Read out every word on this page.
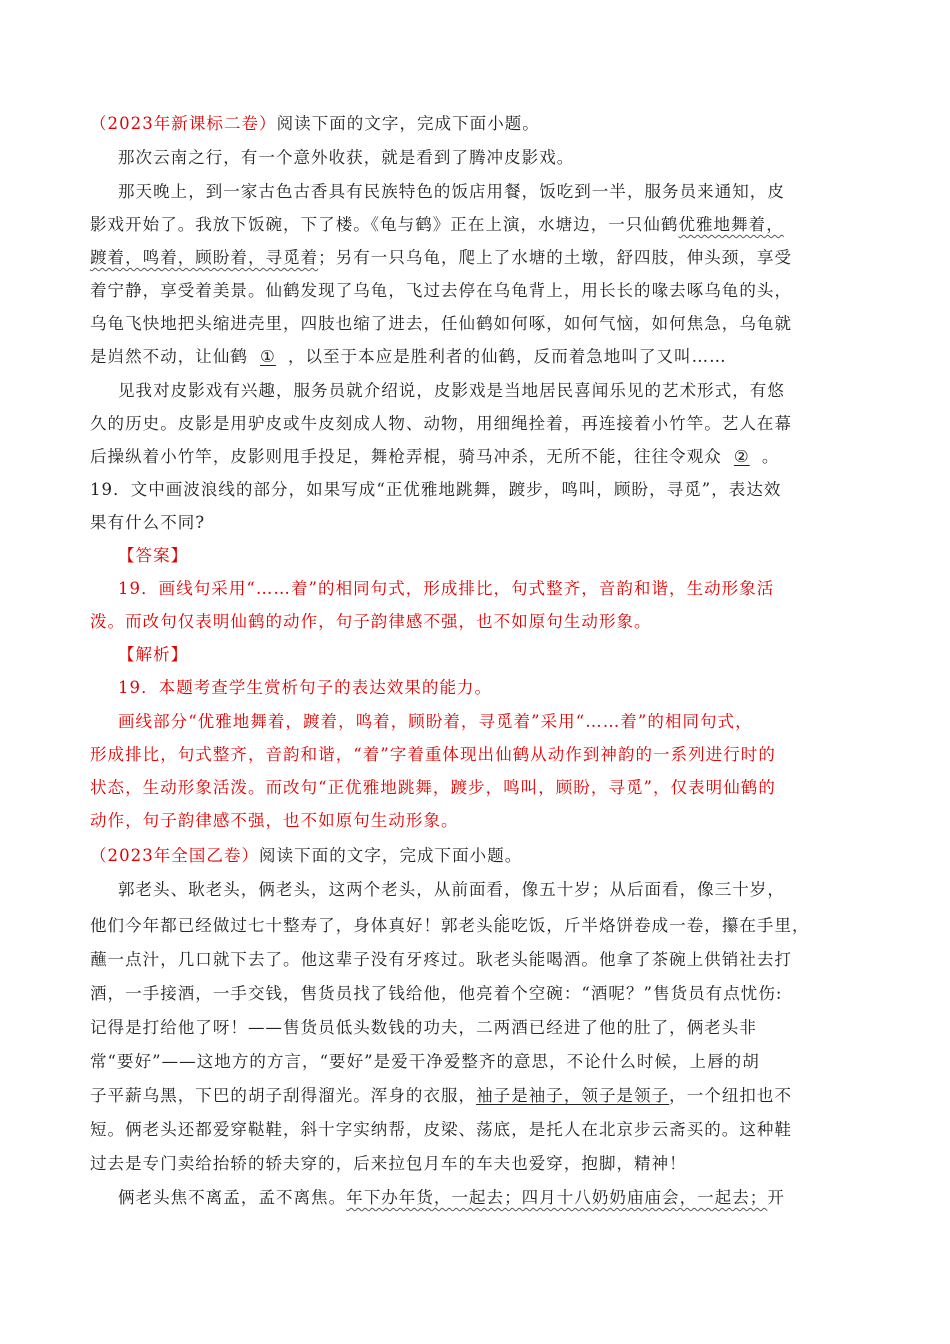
（2023年新课标二卷）阅读下面的文字，完成下面小题。
那次云南之行，有一个意外收获，就是看到了腾冲皮影戏。
那天晚上，到一家古色古香具有民族特色的饭店用餐，饭吃到一半，服务员来通知，皮
影戏开始了。我放下饭碗，下了楼。《龟与鹤》正在上演，水塘边，一只仙鹤优雅地舞着，
踱着，鸣着，顾盼着，寻觅着；另有一只乌龟，爬上了水塘的土墩，舒四肢，伸头颈，享受
着宁静，享受着美景。仙鹤发现了乌龟，飞过去停在乌龟背上，用长长的喙去啄乌龟的头，
乌龟飞快地把头缩进壳里，四肢也缩了进去，任仙鹤如何啄，如何气恼，如何焦急，乌龟就
是岿然不动，让仙鹤 ① ，以至于本应是胜利者的仙鹤，反而着急地叫了又叫……
见我对皮影戏有兴趣，服务员就介绍说，皮影戏是当地居民喜闻乐见的艺术形式，有悠
久的历史。皮影是用驴皮或牛皮刻成人物、动物，用细绳拴着，再连接着小竹竿。艺人在幕
后操纵着小竹竿，皮影则甩手投足，舞枪弄棍，骑马冲杀，无所不能，往往令观众 ② 。
19．文中画波浪线的部分，如果写成“正优雅地跳舞，踱步，鸣叫，顾盼，寻觅”，表达效
果有什么不同?
【答案】
19．画线句采用“……着”的相同句式，形成排比，句式整齐，音韵和谐，生动形象活
泼。而改句仅表明仙鹤的动作，句子韵律感不强，也不如原句生动形象。
【解析】
19．本题考查学生赏析句子的表达效果的能力。
画线部分“优雅地舞着，踱着，鸣着，顾盼着，寻觅着”采用“……着”的相同句式，
形成排比，句式整齐，音韵和谐，“着”字着重体现出仙鹤从动作到神韵的一系列进行时的
状态，生动形象活泼。而改句“正优雅地跳舞，踱步，鸣叫，顾盼，寻觅”，仅表明仙鹤的
动作，句子韵律感不强，也不如原句生动形象。
（2023年全国乙卷）阅读下面的文字，完成下面小题。
郭老头、耿老头，俩老头，这两个老头，从前面看，像五十岁；从后面看，像三十岁，
他们今年都已经做过七十整寿了，身体真好！郭老头能吃饭，斤半烙饼卷成一卷，攥在手里，
蘸一点汁，几口就下去了。他这辈子没有牙疼过。耿老头能喝酒。他拿了茶碗上供销社去打
酒，一手接酒，一手交钱，售货员找了钱给他，他亮着个空碗：“酒呢？”售货员有点忧伤:
记得是打给他了呀！——售货员低头数钱的功夫，二两酒已经进了他的肚了，俩老头非
常“要好”——这地方的方言，“要好”是爱干净爱整齐的意思，不论什么时候，上唇的胡
子平薪乌黑，下巴的胡子刮得溜光。浑身的衣服，袖子是袖子，领子是领子，一个纽扣也不
短。俩老头还都爱穿鞑鞋，斜十字实纳帮，皮梁、荡底，是托人在北京步云斋买的。这种鞋
过去是专门卖给抬轿的轿夫穿的，后来拉包月车的车夫也爱穿，抱脚，精神！
俩老头焦不离孟，孟不离焦。年下办年货，一起去；四月十八奶奶庙庙会，一起去；开
